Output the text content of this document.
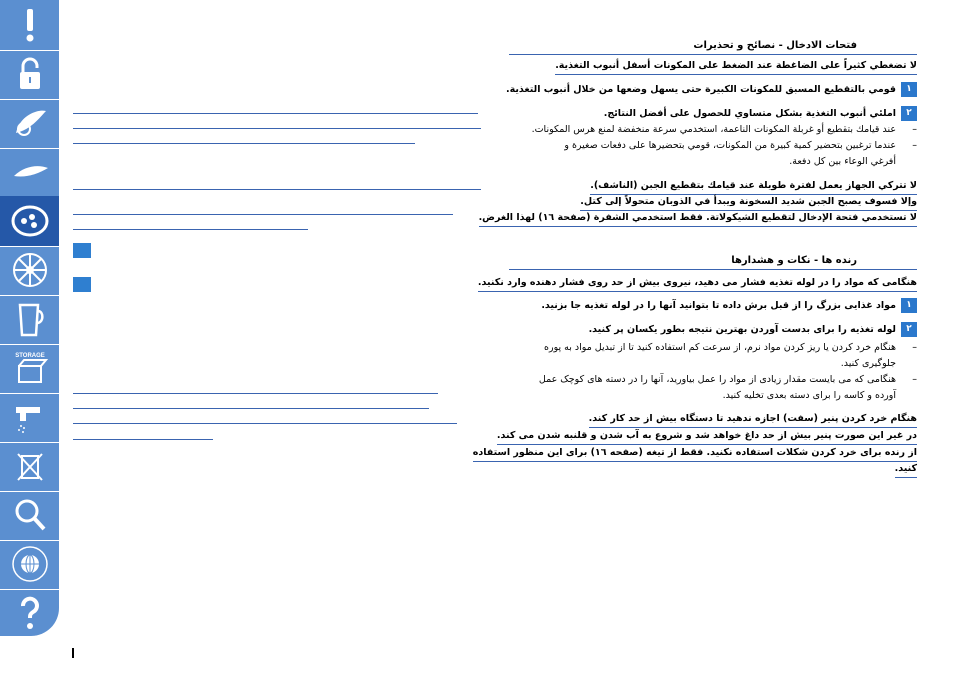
STORAGE
فتحات الادخال - نصائح و تحذيرات
لا تضغطي كثيراً على الضاغطة عند الضغط على المكونات أسفل أنبوب التغذية.
١
قومي بالتقطيع المسبق للمكونات الكبيرة حتى يسهل وضعها من خلال أنبوب التغذية.
٢
املئي أنبوب التغذية بشكل متساوي للحصول على أفضل النتائج.
–
عند قيامك بتقطيع أو غربلة المكونات الناعمة، استخدمي سرعة منخفضة لمنع هرس المكونات.
–
عندما ترغبين بتحضير كمية كبيرة من المكونات، قومي بتحضيرها على دفعات صغيرة و
أفرغي الوعاء بين كل دفعة.
لا تتركي الجهاز يعمل لفترة طويلة عند قيامك بتقطيع الجبن (الناشف).
وإلا فسوف يصبح الجبن شديد السخونة ويبدأ في الذوبان متحولاً إلى كتل.
لا تستخدمي فتحة الإدخال لتقطيع الشيكولاتة. فقط استخدمي الشفرة (صفحة ١٦) لهذا الغرض.
رنده ها - نکات و هشدارها
هنگامی که مواد را در لوله تغذیه فشار می دهید، نیروی بیش از حد روی فشار دهنده وارد نکنید.
١
مواد غذایی بزرگ را از قبل برش داده تا بتوانید آنها را در لوله تغذیه جا بزنید.
٢
لوله تغذیه را برای بدست آوردن بهترین نتیجه بطور یکسان پر کنید.
–
هنگام خرد کردن یا ریز کردن مواد نرم، از سرعت کم استفاده کنید تا از تبدیل مواد به پوره
جلوگیری کنید.
–
هنگامی که می بایست مقدار زیادی از مواد را عمل بیاورید، آنها را در دسته های کوچک عمل
آورده و کاسه را برای دسته بعدی تخلیه کنید.
هنگام خرد کردن پنیر (سفت) اجازه ندهید تا دستگاه بیش از حد کار کند.
در غیر این صورت پنیر بیش از حد داغ خواهد شد و شروع به آب شدن و قلنبه شدن می کند.
از رنده برای خرد کردن شکلات استفاده نکنید. فقط از تیغه (صفحه ١٦) برای این منظور استفاده
کنید.
